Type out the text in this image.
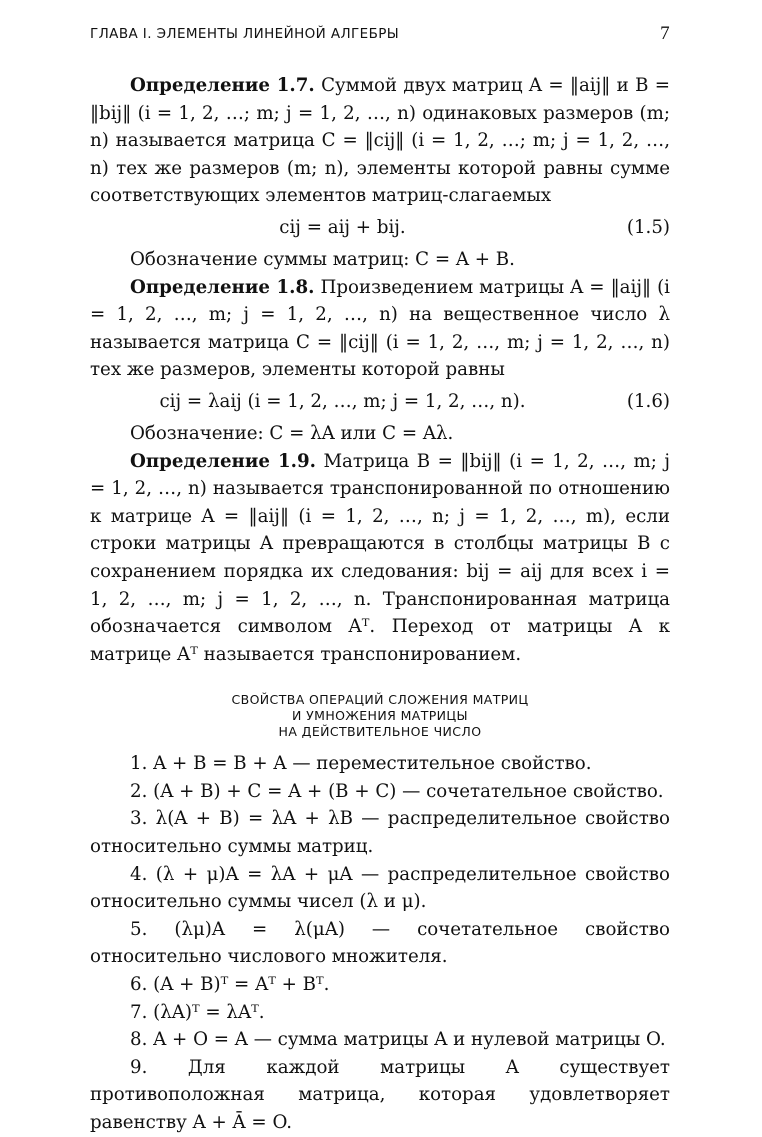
ГЛАВА I. ЭЛЕМЕНТЫ ЛИНЕЙНОЙ АЛГЕБРЫ	7

Определение 1.7. Суммой двух матриц A = ‖aij‖ и B = ‖bij‖ (i = 1, 2, …; m; j = 1, 2, …, n) одинаковых размеров (m; n) называется матрица C = ‖cij‖ (i = 1, 2, …; m; j = 1, 2, …, n) тех же размеров (m; n), элементы которой равны сумме соответствующих элементов матриц-слагаемых

cij = aij + bij.	(1.5)

Обозначение суммы матриц: C = A + B.

Определение 1.8. Произведением матрицы A = ‖aij‖ (i = 1, 2, …, m; j = 1, 2, …, n) на вещественное число λ называется матрица C = ‖cij‖ (i = 1, 2, …, m; j = 1, 2, …, n) тех же размеров, элементы которой равны

cij = λaij (i = 1, 2, …, m; j = 1, 2, …, n).	(1.6)

Обозначение: C = λA или C = Aλ.

Определение 1.9. Матрица B = ‖bij‖ (i = 1, 2, …, m; j = 1, 2, …, n) называется транспонированной по отношению к матрице A = ‖aij‖ (i = 1, 2, …, n; j = 1, 2, …, m), если строки матрицы A превращаются в столбцы матрицы B с сохранением порядка их следования: bij = aij для всех i = 1, 2, …, m; j = 1, 2, …, n. Транспонированная матрица обозначается символом Aᵀ. Переход от матрицы A к матрице Aᵀ называется транспонированием.

СВОЙСТВА ОПЕРАЦИЙ СЛОЖЕНИЯ МАТРИЦ
И УМНОЖЕНИЯ МАТРИЦЫ
НА ДЕЙСТВИТЕЛЬНОЕ ЧИСЛО

1. A + B = B + A — переместительное свойство.

2. (A + B) + C = A + (B + C) — сочетательное свойство.

3. λ(A + B) = λA + λB — распределительное свойство относительно суммы матриц.

4. (λ + μ)A = λA + μA — распределительное свойство относительно суммы чисел (λ и μ).

5. (λμ)A = λ(μA) — сочетательное свойство относительно числового множителя.

6. (A + B)ᵀ = Aᵀ + Bᵀ.

7. (λA)ᵀ = λAᵀ.

8. A + O = A — сумма матрицы A и нулевой матрицы O.

9. Для каждой матрицы A существует противоположная матрица, которая удовлетворяет равенству A + Ā = O.
